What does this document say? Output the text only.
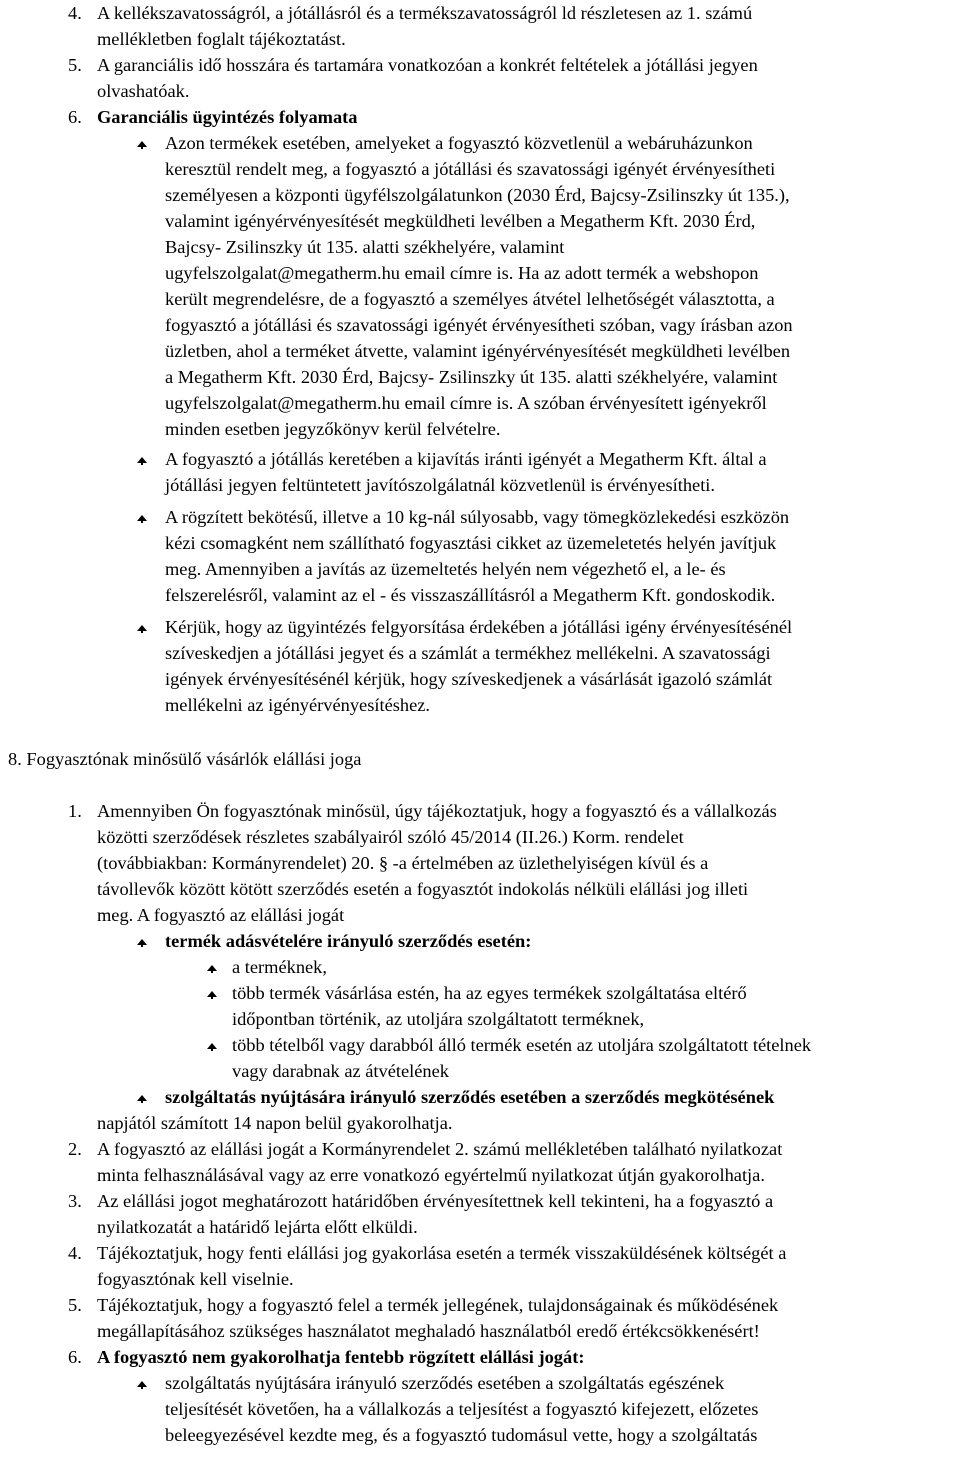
4. A kellékszavatosságról, a jótállásról és a termékszavatosságról ld részletesen az 1. számú
mellékletben foglalt tájékoztatást.
5. A garanciális idő hosszára és tartamára vonatkozóan a konkrét feltételek a jótállási jegyen
olvashatóak.
6. Garanciális ügyintézés folyamata
Azon termékek esetében, amelyeket a fogyasztó közvetlenül a webáruházunkon
keresztül rendelt meg, a fogyasztó a jótállási és szavatossági igényét érvényesítheti
személyesen a központi ügyfélszolgálatunkon (2030 Érd, Bajcsy-Zsilinszky út 135.),
valamint igényérvényesítését megküldheti levélben a Megatherm Kft. 2030 Érd,
Bajcsy- Zsilinszky út 135. alatti székhelyére, valamint
ugyfelszolgalat@megatherm.hu email címre is. Ha az adott termék a webshopon
került megrendelésre, de a fogyasztó a személyes átvétel lelhetőségét választotta, a
fogyasztó a jótállási és szavatossági igényét érvényesítheti szóban, vagy írásban azon
üzletben, ahol a terméket átvette, valamint igényérvényesítését megküldheti levélben
a Megatherm Kft. 2030 Érd, Bajcsy- Zsilinszky út 135. alatti székhelyére, valamint
ugyfelszolgalat@megatherm.hu email címre is. A szóban érvényesített igényekről
minden esetben jegyzőkönyv kerül felvételre.
A fogyasztó a jótállás keretében a kijavítás iránti igényét a Megatherm Kft. által a
jótállási jegyen feltüntetett javítószolgálatnál közvetlenül is érvényesítheti.
A rögzített bekötésű, illetve a 10 kg-nál súlyosabb, vagy tömegközlekedési eszközön
kézi csomagként nem szállítható fogyasztási cikket az üzemeletetés helyén javítjuk
meg. Amennyiben a javítás az üzemeltetés helyén nem végezhető el, a le- és
felszerelésről, valamint az el - és visszaszállításról a Megatherm Kft. gondoskodik.
Kérjük, hogy az ügyintézés felgyorsítása érdekében a jótállási igény érvényesítésénél
szíveskedjen a jótállási jegyet és a számlát a termékhez mellékelni. A szavatossági
igények érvényesítésénél kérjük, hogy szíveskedjenek a vásárlását igazoló számlát
mellékelni az igényérvényesítéshez.
8. Fogyasztónak minősülő vásárlók elállási joga
1. Amennyiben Ön fogyasztónak minősül, úgy tájékoztatjuk, hogy a fogyasztó és a vállalkozás
közötti szerződések részletes szabályairól szóló 45/2014 (II.26.) Korm. rendelet
(továbbiakban: Kormányrendelet) 20. § -a értelmében az üzlethelyiségen kívül és a
távollevők között kötött szerződés esetén a fogyasztót indokolás nélküli elállási jog illeti
meg. A fogyasztó az elállási jogát
termék adásvételére irányuló szerződés esetén:
a terméknek,
több termék vásárlása estén, ha az egyes termékek szolgáltatása eltérő
időpontban történik, az utoljára szolgáltatott terméknek,
több tételből vagy darabból álló termék esetén az utoljára szolgáltatott tételnek
vagy darabnak az átvételének
szolgáltatás nyújtására irányuló szerződés esetében a szerződés megkötésének
napjától számított 14 napon belül gyakorolhatja.
2. A fogyasztó az elállási jogát a Kormányrendelet 2. számú mellékletében található nyilatkozat
minta felhasználásával vagy az erre vonatkozó egyértelmű nyilatkozat útján gyakorolhatja.
3. Az elállási jogot meghatározott határidőben érvényesítettnek kell tekinteni, ha a fogyasztó a
nyilatkozatát a határidő lejárta előtt elküldi.
4. Tájékoztatjuk, hogy fenti elállási jog gyakorlása esetén a termék visszaküldésének költségét a
fogyasztónak kell viselnie.
5. Tájékoztatjuk, hogy a fogyasztó felel a termék jellegének, tulajdonságainak és működésének
megállapításához szükséges használatot meghaladó használatból eredő értékcsökkenésért!
6. A fogyasztó nem gyakorolhatja fentebb rögzített elállási jogát:
szolgáltatás nyújtására irányuló szerződés esetében a szolgáltatás egészének
teljesítését követően, ha a vállalkozás a teljesítést a fogyasztó kifejezett, előzetes
beleegyezésével kezdte meg, és a fogyasztó tudomásul vette, hogy a szolgáltatás
